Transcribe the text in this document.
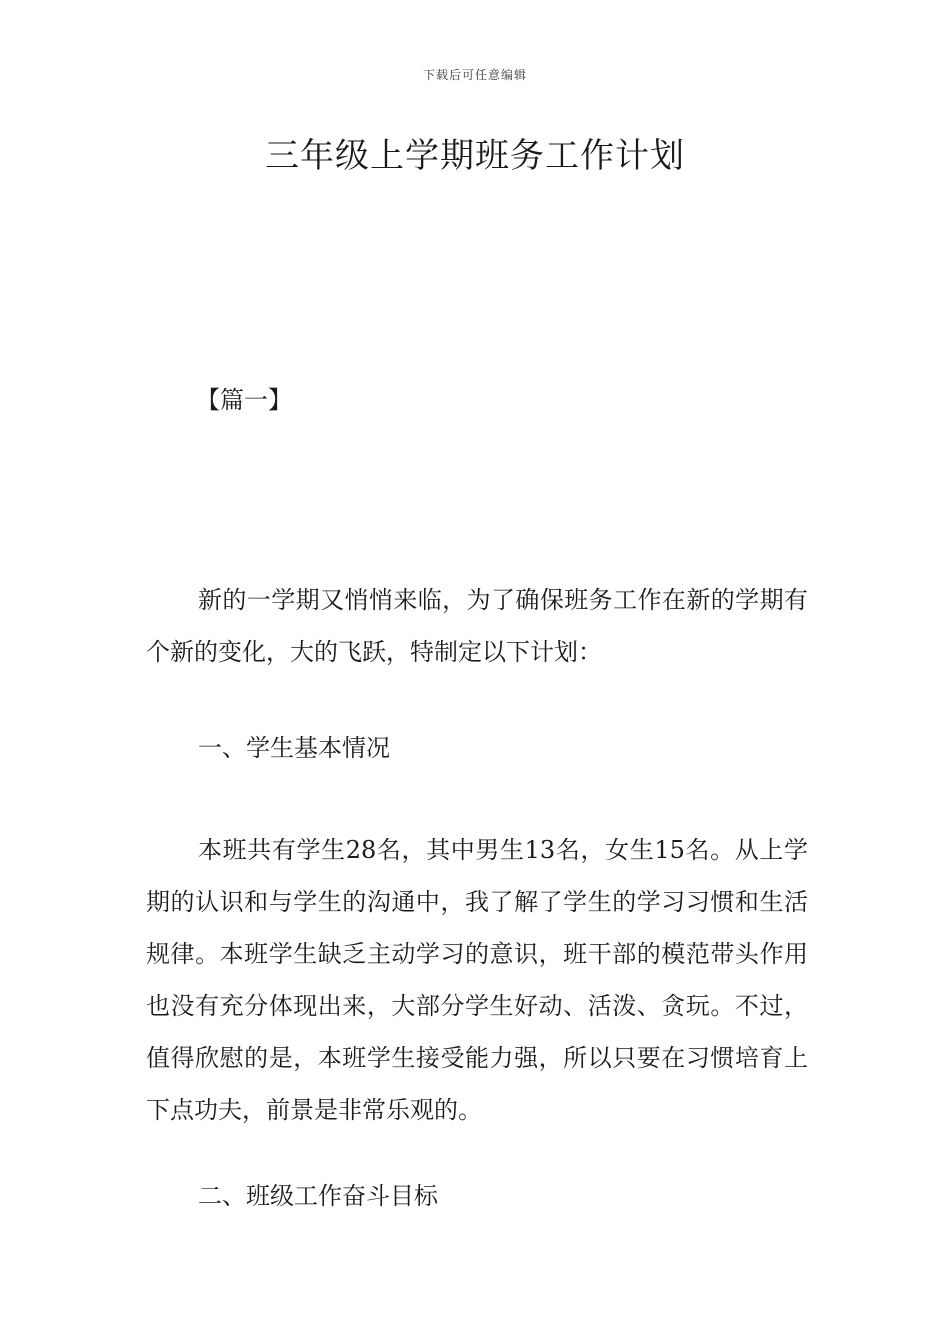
下载后可任意编辑
三年级上学期班务工作计划

【篇一】

新的一学期又悄悄来临，为了确保班务工作在新的学期有个新的变化，大的飞跃，特制定以下计划：

一、学生基本情况

本班共有学生28名，其中男生13名，女生15名。从上学期的认识和与学生的沟通中，我了解了学生的学习习惯和生活规律。本班学生缺乏主动学习的意识，班干部的模范带头作用也没有充分体现出来，大部分学生好动、活泼、贪玩。不过，值得欣慰的是，本班学生接受能力强，所以只要在习惯培育上下点功夫，前景是非常乐观的。

二、班级工作奋斗目标
